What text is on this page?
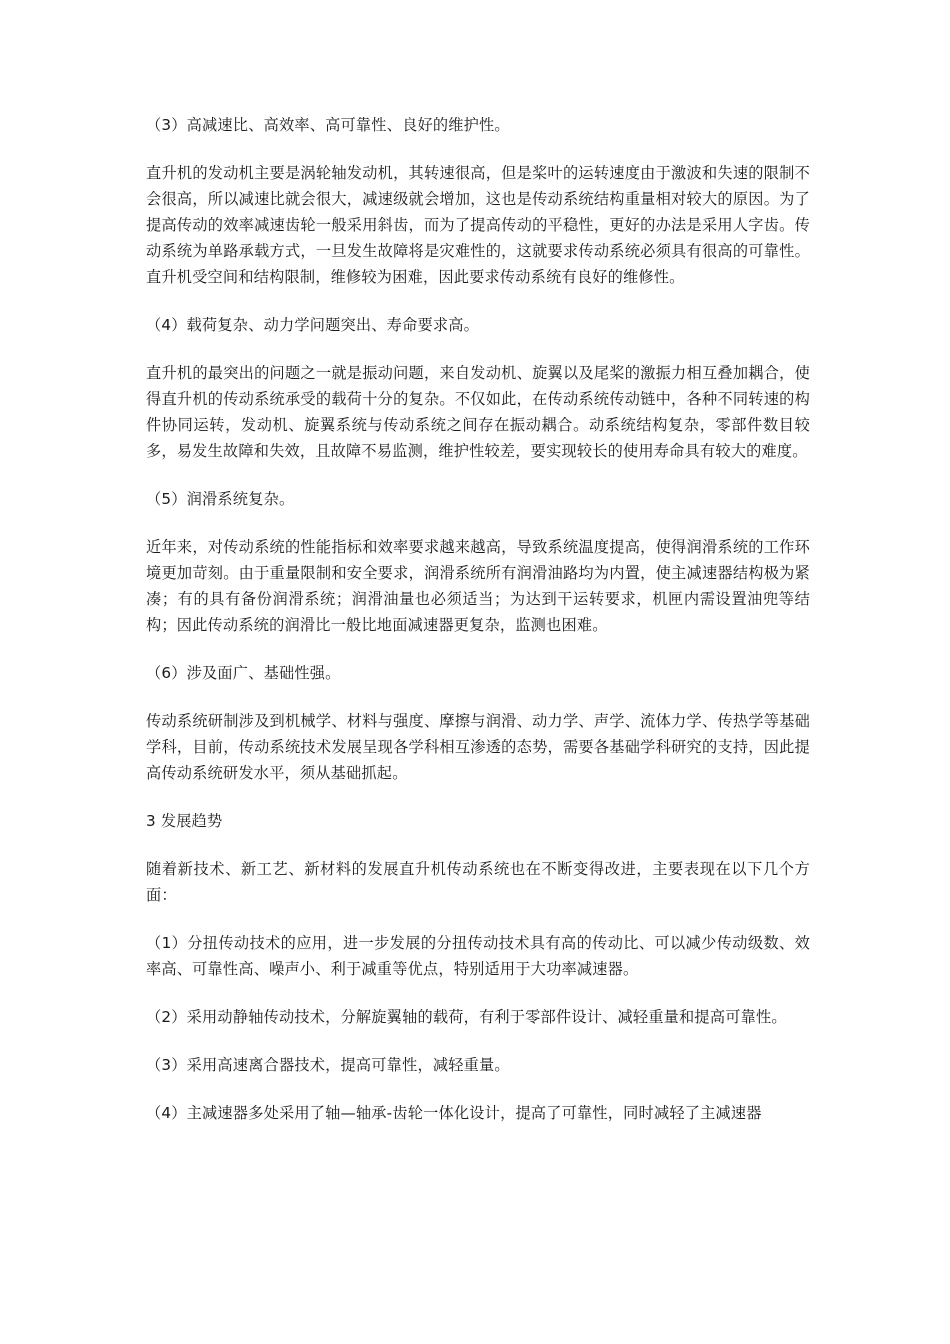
（3）高减速比、高效率、高可靠性、良好的维护性。

直升机的发动机主要是涡轮轴发动机，其转速很高，但是桨叶的运转速度由于激波和失速的限制不会很高，所以减速比就会很大，减速级就会增加，这也是传动系统结构重量相对较大的原因。为了提高传动的效率减速齿轮一般采用斜齿，而为了提高传动的平稳性，更好的办法是采用人字齿。传动系统为单路承载方式，一旦发生故障将是灾难性的，这就要求传动系统必须具有很高的可靠性。直升机受空间和结构限制，维修较为困难，因此要求传动系统有良好的维修性。

（4）载荷复杂、动力学问题突出、寿命要求高。

直升机的最突出的问题之一就是振动问题，来自发动机、旋翼以及尾桨的激振力相互叠加耦合，使得直升机的传动系统承受的载荷十分的复杂。不仅如此，在传动系统传动链中，各种不同转速的构件协同运转，发动机、旋翼系统与传动系统之间存在振动耦合。动系统结构复杂，零部件数目较多，易发生故障和失效，且故障不易监测，维护性较差，要实现较长的使用寿命具有较大的难度。

（5）润滑系统复杂。

近年来，对传动系统的性能指标和效率要求越来越高，导致系统温度提高，使得润滑系统的工作环境更加苛刻。由于重量限制和安全要求，润滑系统所有润滑油路均为内置，使主减速器结构极为紧凑；有的具有备份润滑系统；润滑油量也必须适当；为达到干运转要求，机匣内需设置油兜等结构；因此传动系统的润滑比一般比地面减速器更复杂，监测也困难。

（6）涉及面广、基础性强。

传动系统研制涉及到机械学、材料与强度、摩擦与润滑、动力学、声学、流体力学、传热学等基础学科，目前，传动系统技术发展呈现各学科相互渗透的态势，需要各基础学科研究的支持，因此提高传动系统研发水平，须从基础抓起。

3 发展趋势

随着新技术、新工艺、新材料的发展直升机传动系统也在不断变得改进，主要表现在以下几个方面：

（1）分扭传动技术的应用，进一步发展的分扭传动技术具有高的传动比、可以减少传动级数、效率高、可靠性高、噪声小、利于减重等优点，特别适用于大功率减速器。

（2）采用动静轴传动技术，分解旋翼轴的载荷，有利于零部件设计、减轻重量和提高可靠性。

（3）采用高速离合器技术，提高可靠性，减轻重量。

（4）主减速器多处采用了轴—轴承-齿轮一体化设计，提高了可靠性，同时减轻了主减速器
